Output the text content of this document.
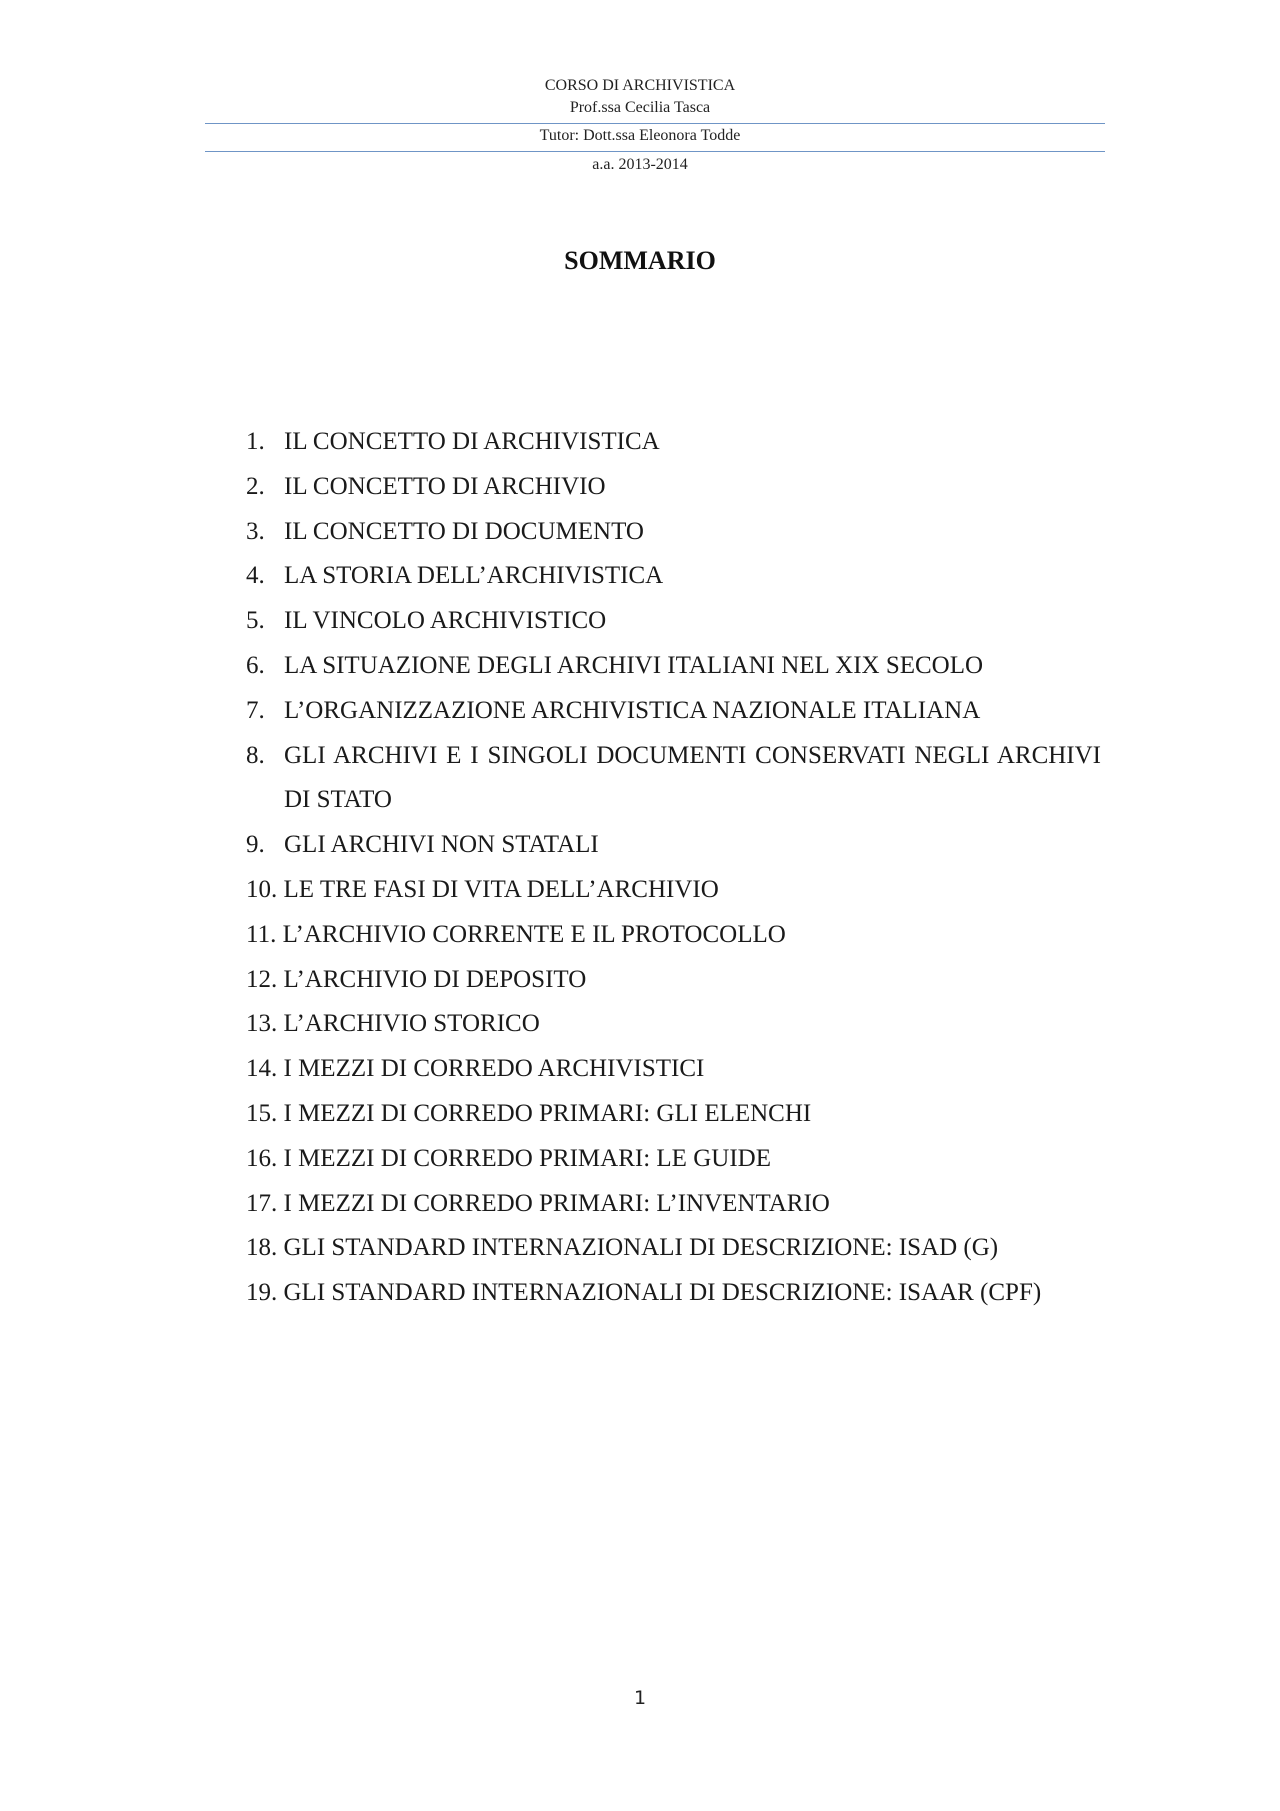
CORSO DI ARCHIVISTICA
Prof.ssa Cecilia Tasca
Tutor: Dott.ssa Eleonora Todde
a.a. 2013-2014
SOMMARIO
1. IL CONCETTO DI ARCHIVISTICA
2. IL CONCETTO DI ARCHIVIO
3. IL CONCETTO DI DOCUMENTO
4. LA STORIA DELL’ARCHIVISTICA
5. IL VINCOLO ARCHIVISTICO
6. LA SITUAZIONE DEGLI ARCHIVI ITALIANI NEL XIX SECOLO
7. L’ORGANIZZAZIONE ARCHIVISTICA NAZIONALE ITALIANA
8. GLI ARCHIVI E I SINGOLI DOCUMENTI CONSERVATI NEGLI ARCHIVI DI STATO
9. GLI ARCHIVI NON STATALI
10. LE TRE FASI DI VITA DELL’ARCHIVIO
11. L’ARCHIVIO CORRENTE E IL PROTOCOLLO
12. L’ARCHIVIO DI DEPOSITO
13. L’ARCHIVIO STORICO
14. I MEZZI DI CORREDO ARCHIVISTICI
15. I MEZZI DI CORREDO PRIMARI: GLI ELENCHI
16. I MEZZI DI CORREDO PRIMARI: LE GUIDE
17. I MEZZI DI CORREDO PRIMARI: L’INVENTARIO
18. GLI STANDARD INTERNAZIONALI DI DESCRIZIONE: ISAD (G)
19. GLI STANDARD INTERNAZIONALI DI DESCRIZIONE: ISAAR (CPF)
1
